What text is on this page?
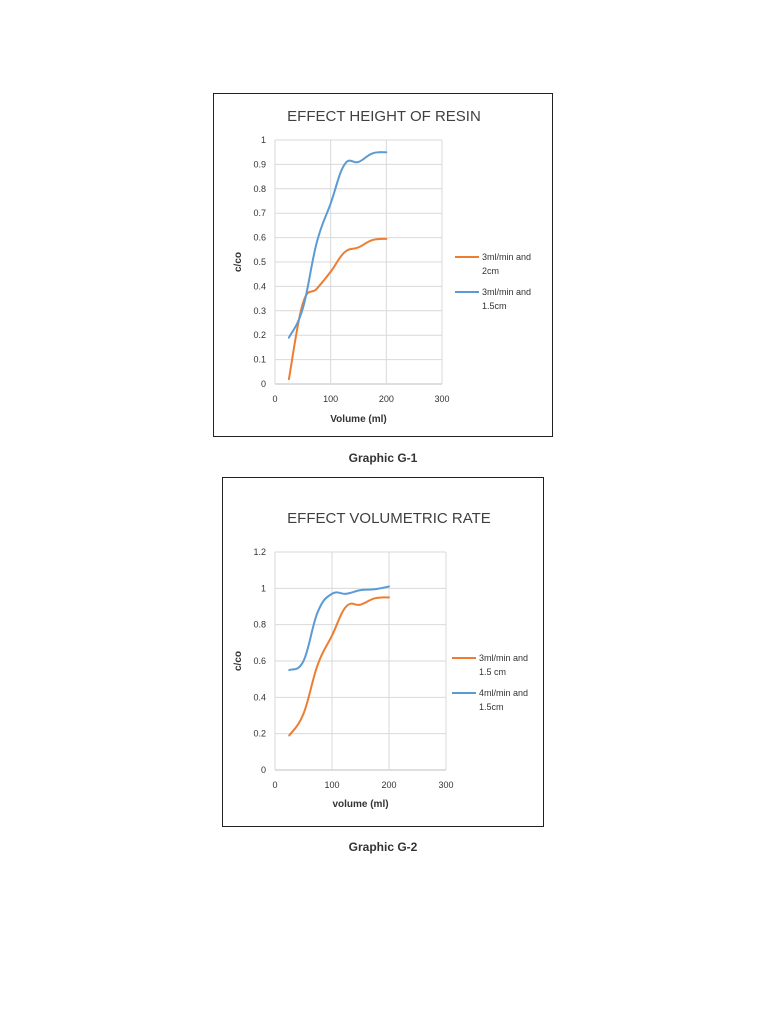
EFFECT HEIGHT OF RESIN
0
0.1
0.2
0.3
0.4
0.5
0.6
0.7
0.8
0.9
1
0	100	200	300
Volume (ml)
c/co	3ml/min and
2cm
3ml/min and
1.5cm
Graphic G-1
EFFECT VOLUMETRIC RATE
0
0.2
0.4
0.6
0.8
1
1.2
0	100	200	300
volume (ml)
c/co	3ml/min and
1.5 cm
4ml/min and
1.5cm
Graphic G-2
